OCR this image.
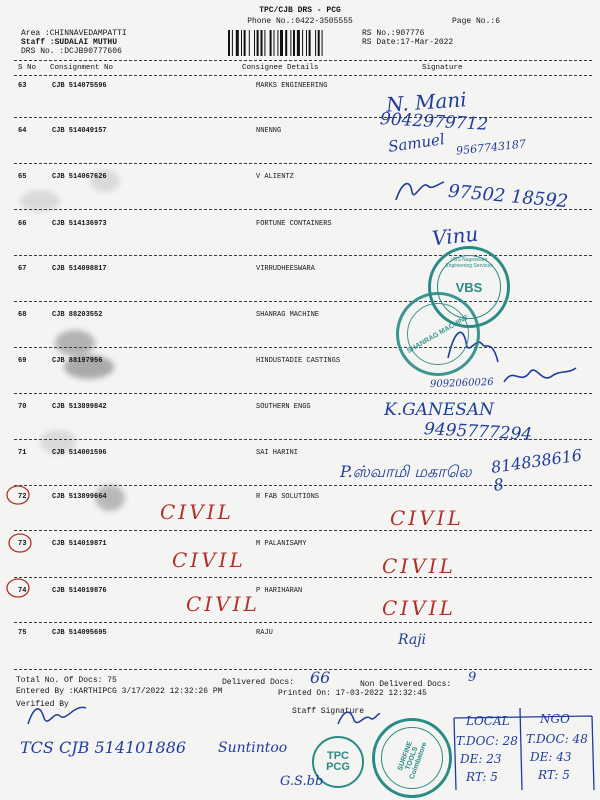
TPC/CJB DRS - PCG
Phone No.:0422-3505555	Page No.:6
Area :CHINNAVEDAMPATTI
Staff :SUDALAI MUTHU
DRS No. :DCJB90777606
RS No.:907776
RS Date:17-Mar-2022
S No Consignment No	Consignee Details	Signature
63	CJB 514075596	MARKS ENGINEERING
64	CJB 514049157	NNENNG
65	CJB 514067626	V ALIENTZ
66	CJB 514136973	FORTUNE CONTAINERS
67	CJB 514098817	VIRRUDHEESWARA
68	CJB 88203552	SHANRAG MACHINE
69	CJB 88197956	HINDUSTADIE CASTINGS
70	CJB 513899842	SOUTHERN ENGG
71	CJB 514001596	SAI HARINI
72	CJB 513899664	R FAB SOLUTIONS
73	CJB 514019871	M PALANISAMY
74	CJB 514019876	P HARIHARAN
75	CJB 514095695	RAJU
N. Mani
9042979712
Samuel 9567743187
97502 18592
Vinu
9092060026
K.GANESAN
9495777294
P.ஸ்வாமி மகாலெ 8148386168
CIVIL	CIVIL
CIVIL	CIVIL
CIVIL	CIVIL
Raji
VBS Nageswara Engineering Services
VBS
SHANRAG MACHINE
TPC
PCG	SURFINE TOOLS Coimbatore
Total No. Of Docs: 75	Delivered Docs: 66	Non Delivered Docs: 9
Entered By :KARTHIPCG 3/17/2022 12:32:26 PM	Printed On: 17-03-2022 12:32:45
Verified By
Staff Signature
TCS CJB 514101886 Suntintoo
G.S.bb
LOCAL	NGO
T.DOC: 28 T.DOC: 48
DE: 23 DE: 43
RT: 5	RT: 5
